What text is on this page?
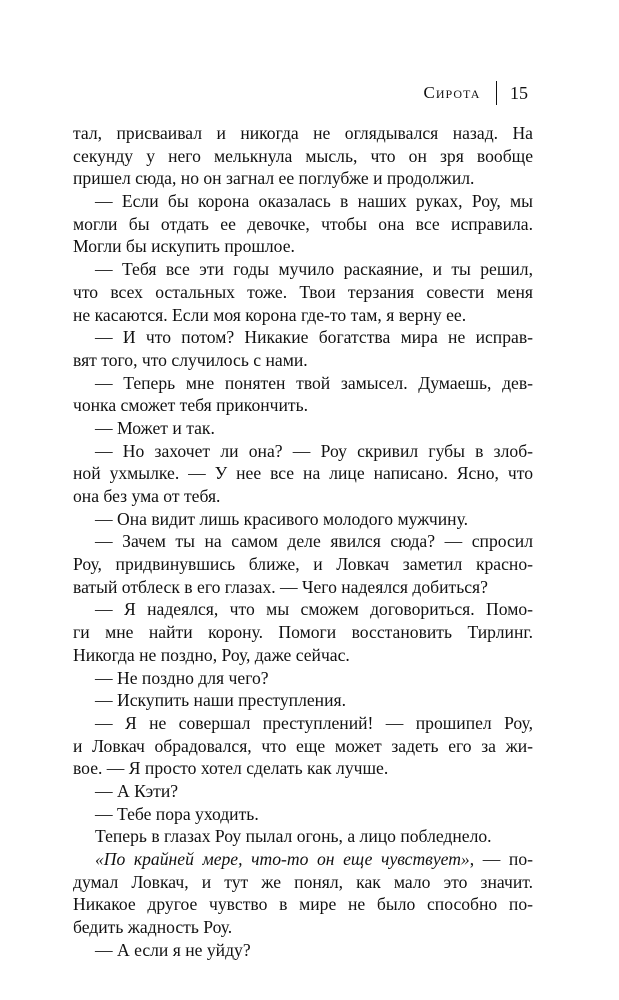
Сирота 15
тал, присваивал и никогда не оглядывался назад. На
секунду у него мелькнула мысль, что он зря вообще
пришел сюда, но он загнал ее поглубже и продолжил.
— Если бы корона оказалась в наших руках, Роу, мы
могли бы отдать ее девочке, чтобы она все исправила.
Могли бы искупить прошлое.
— Тебя все эти годы мучило раскаяние, и ты решил,
что всех остальных тоже. Твои терзания совести меня
не касаются. Если моя корона где-то там, я верну ее.
— И что потом? Никакие богатства мира не исправ-
вят того, что случилось с нами.
— Теперь мне понятен твой замысел. Думаешь, дев-
чонка сможет тебя прикончить.
— Может и так.
— Но захочет ли она? — Роу скривил губы в злоб-
ной ухмылке. — У нее все на лице написано. Ясно, что
она без ума от тебя.
— Она видит лишь красивого молодого мужчину.
— Зачем ты на самом деле явился сюда? — спросил
Роу, придвинувшись ближе, и Ловкач заметил красно-
ватый отблеск в его глазах. — Чего надеялся добиться?
— Я надеялся, что мы сможем договориться. Помо-
ги мне найти корону. Помоги восстановить Тирлинг.
Никогда не поздно, Роу, даже сейчас.
— Не поздно для чего?
— Искупить наши преступления.
— Я не совершал преступлений! — прошипел Роу,
и Ловкач обрадовался, что еще может задеть его за жи-
вое. — Я просто хотел сделать как лучше.
— А Кэти?
— Тебе пора уходить.
Теперь в глазах Роу пылал огонь, а лицо побледнело.
«По крайней мере, что-то он еще чувствует», — по-
думал Ловкач, и тут же понял, как мало это значит.
Никакое другое чувство в мире не было способно по-
бедить жадность Роу.
— А если я не уйду?
